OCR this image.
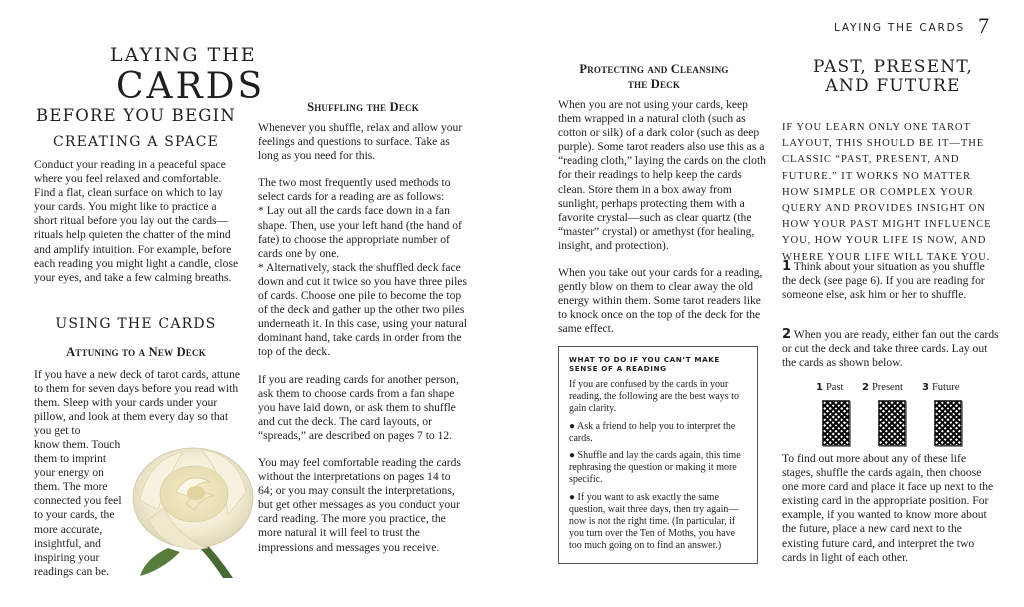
LAYING THE CARDS
BEFORE YOU BEGIN
CREATING A SPACE

Conduct your reading in a peaceful space where you feel relaxed and comfortable. Find a flat, clean surface on which to lay your cards. You might like to practice a short ritual before you lay out the cards—rituals help quieten the chatter of the mind and amplify intuition. For example, before each reading you might light a candle, close your eyes, and take a few calming breaths.

USING THE CARDS
Attuning to a New Deck

If you have a new deck of tarot cards, attune to them for seven days before you read with them. Sleep with your cards under your pillow, and look at them every day so that you get to

know them. Touch them to imprint your energy on them. The more connected you feel to your cards, the more accurate, insightful, and inspiring your readings can be.

Shuffling the Deck

Whenever you shuffle, relax and allow your feelings and questions to surface. Take as long as you need for this.

The two most frequently used methods to select cards for a reading are as follows:
* Lay out all the cards face down in a fan shape. Then, use your left hand (the hand of fate) to choose the appropriate number of cards one by one.
* Alternatively, stack the shuffled deck face down and cut it twice so you have three piles of cards. Choose one pile to become the top of the deck and gather up the other two piles underneath it. In this case, using your natural dominant hand, take cards in order from the top of the deck.

If you are reading cards for another person, ask them to choose cards from a fan shape you have laid down, or ask them to shuffle and cut the deck. The card layouts, or “spreads,” are described on pages 7 to 12.

You may feel comfortable reading the cards without the interpretations on pages 14 to 64; or you may consult the interpretations, but get other messages as you conduct your card reading. The more you practice, the more natural it will feel to trust the impressions and messages you receive.

LAYING THE CARDS 7
Protecting and Cleansing the Deck

When you are not using your cards, keep them wrapped in a natural cloth (such as cotton or silk) of a dark color (such as deep purple). Some tarot readers also use this as a “reading cloth,” laying the cards on the cloth for their readings to help keep the cards clean. Store them in a box away from sunlight, perhaps protecting them with a favorite crystal—such as clear quartz (the “master” crystal) or amethyst (for healing, insight, and protection).

When you take out your cards for a reading, gently blow on them to clear away the old energy within them. Some tarot readers like to knock once on the top of the deck for the same effect.

WHAT TO DO IF YOU CAN’T MAKE SENSE OF A READING

If you are confused by the cards in your reading, the following are the best ways to gain clarity.

● Ask a friend to help you to interpret the cards.

● Shuffle and lay the cards again, this time rephrasing the question or making it more specific.

● If you want to ask exactly the same question, wait three days, then try again—now is not the right time. (In particular, if you turn over the Ten of Moths, you have too much going on to find an answer.)

PAST, PRESENT,
AND FUTURE

IF YOU LEARN ONLY ONE TAROT LAYOUT, THIS SHOULD BE IT—THE CLASSIC “PAST, PRESENT, AND FUTURE.” IT WORKS NO MATTER HOW SIMPLE OR COMPLEX YOUR QUERY AND PROVIDES INSIGHT ON HOW YOUR PAST MIGHT INFLUENCE YOU, HOW YOUR LIFE IS NOW, AND WHERE YOUR LIFE WILL TAKE YOU.

1 Think about your situation as you shuffle the deck (see page 6). If you are reading for someone else, ask him or her to shuffle.

2 When you are ready, either fan out the cards or cut the deck and take three cards. Lay out the cards as shown below.

1 Past 2 Present 3 Future

To find out more about any of these life stages, shuffle the cards again, then choose one more card and place it face up next to the existing card in the appropriate position. For example, if you wanted to know more about the future, place a new card next to the existing future card, and interpret the two cards in light of each other.
